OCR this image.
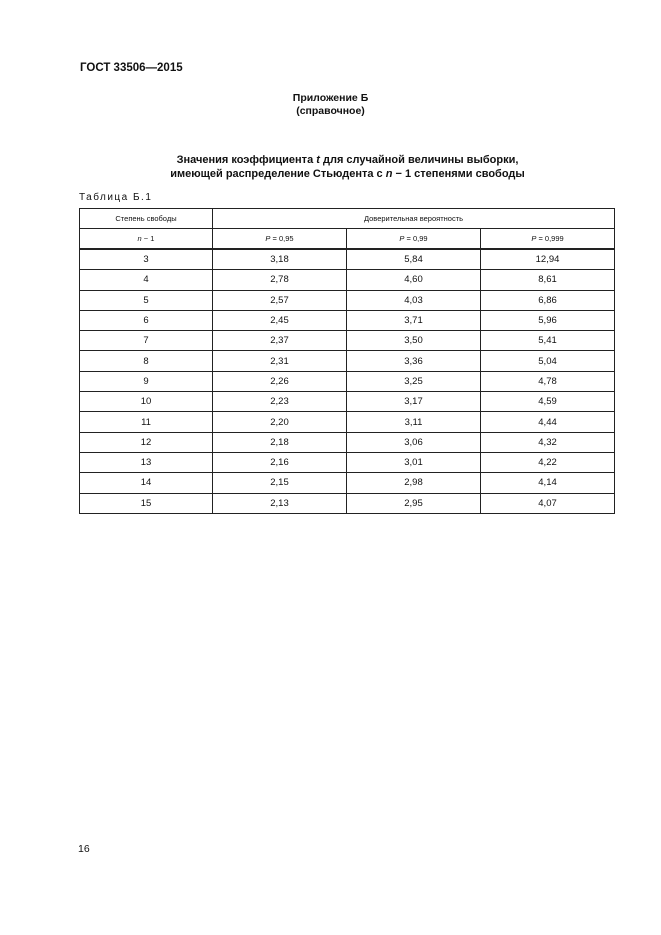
ГОСТ 33506—2015
Приложение Б
(справочное)
Значения коэффициента t для случайной величины выборки,
имеющей распределение Стьюдента с n − 1 степенями свободы
Таблица Б.1
Степень свободы	Доверительная вероятность		
n − 1	P = 0,95	P = 0,99	P = 0,999
3	3,18	5,84	12,94
4	2,78	4,60	8,61
5	2,57	4,03	6,86
6	2,45	3,71	5,96
7	2,37	3,50	5,41
8	2,31	3,36	5,04
9	2,26	3,25	4,78
10	2,23	3,17	4,59
11	2,20	3,11	4,44
12	2,18	3,06	4,32
13	2,16	3,01	4,22
14	2,15	2,98	4,14
15	2,13	2,95	4,07
16
